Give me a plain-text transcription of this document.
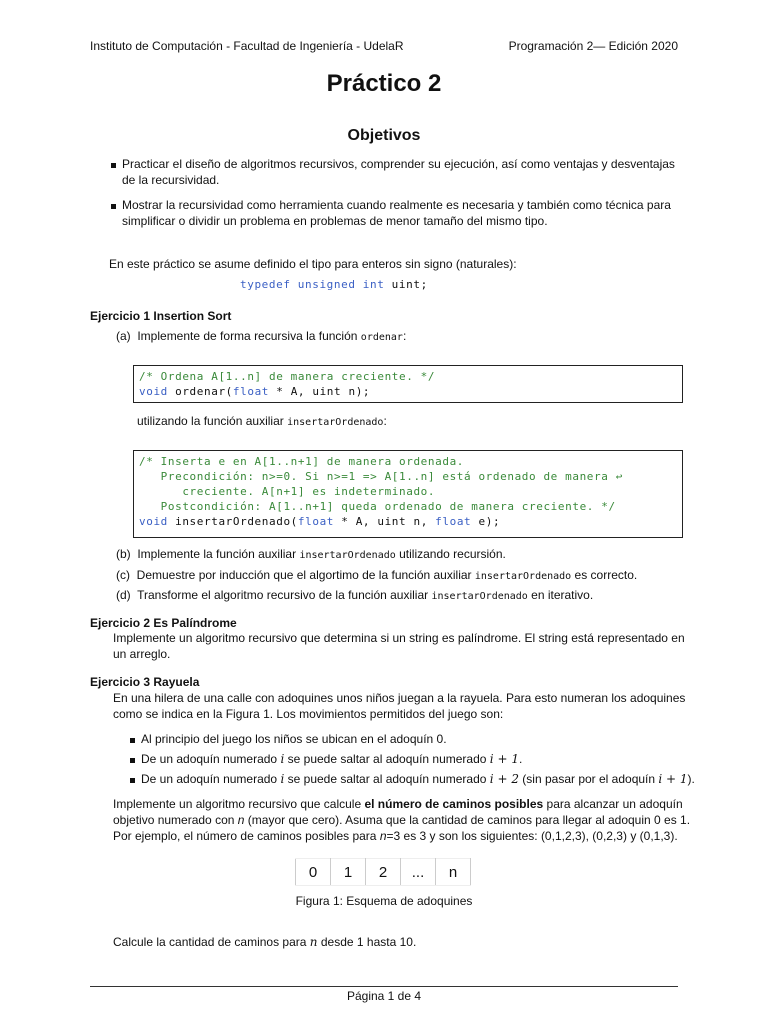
Instituto de Computación - Facultad de Ingeniería - UdelaR	Programación 2— Edición 2020
Práctico 2
Objetivos
Practicar el diseño de algoritmos recursivos, comprender su ejecución, así como ventajas y desventajas
de la recursividad.
Mostrar la recursividad como herramienta cuando realmente es necesaria y también como técnica para
simplificar o dividir un problema en problemas de menor tamaño del mismo tipo.
En este práctico se asume definido el tipo para enteros sin signo (naturales):
typedef unsigned int uint;
Ejercicio 1 Insertion Sort
(a) Implemente de forma recursiva la función ordenar:
/* Ordena A[1..n] de manera creciente. */
void ordenar(float * A, uint n);
utilizando la función auxiliar insertarOrdenado:
/* Inserta e en A[1..n+1] de manera ordenada.
Precondición: n>=0. Si n>=1 => A[1..n] está ordenado de manera ↩
creciente. A[n+1] es indeterminado.
Postcondición: A[1..n+1] queda ordenado de manera creciente. */
void insertarOrdenado(float * A, uint n, float e);
(b) Implemente la función auxiliar insertarOrdenado utilizando recursión.
(c) Demuestre por inducción que el algortimo de la función auxiliar insertarOrdenado es correcto.
(d) Transforme el algoritmo recursivo de la función auxiliar insertarOrdenado en iterativo.
Ejercicio 2 Es Palíndrome
Implemente un algoritmo recursivo que determina si un string es palíndrome. El string está representado en
un arreglo.
Ejercicio 3 Rayuela
En una hilera de una calle con adoquines unos niños juegan a la rayuela. Para esto numeran los adoquines
como se indica en la Figura 1. Los movimientos permitidos del juego son:
Al principio del juego los niños se ubican en el adoquín 0.
De un adoquín numerado i se puede saltar al adoquín numerado i + 1.
De un adoquín numerado i se puede saltar al adoquín numerado i + 2 (sin pasar por el adoquín i + 1).
Implemente un algoritmo recursivo que calcule el número de caminos posibles para alcanzar un adoquín
objetivo numerado con n (mayor que cero). Asuma que la cantidad de caminos para llegar al adoquin 0 es 1.
Por ejemplo, el número de caminos posibles para n=3 es 3 y son los siguientes: (0,1,2,3), (0,2,3) y (0,1,3).
0	1	2	...	n
Figura 1: Esquema de adoquines
Calcule la cantidad de caminos para n desde 1 hasta 10.
Página 1 de 4
